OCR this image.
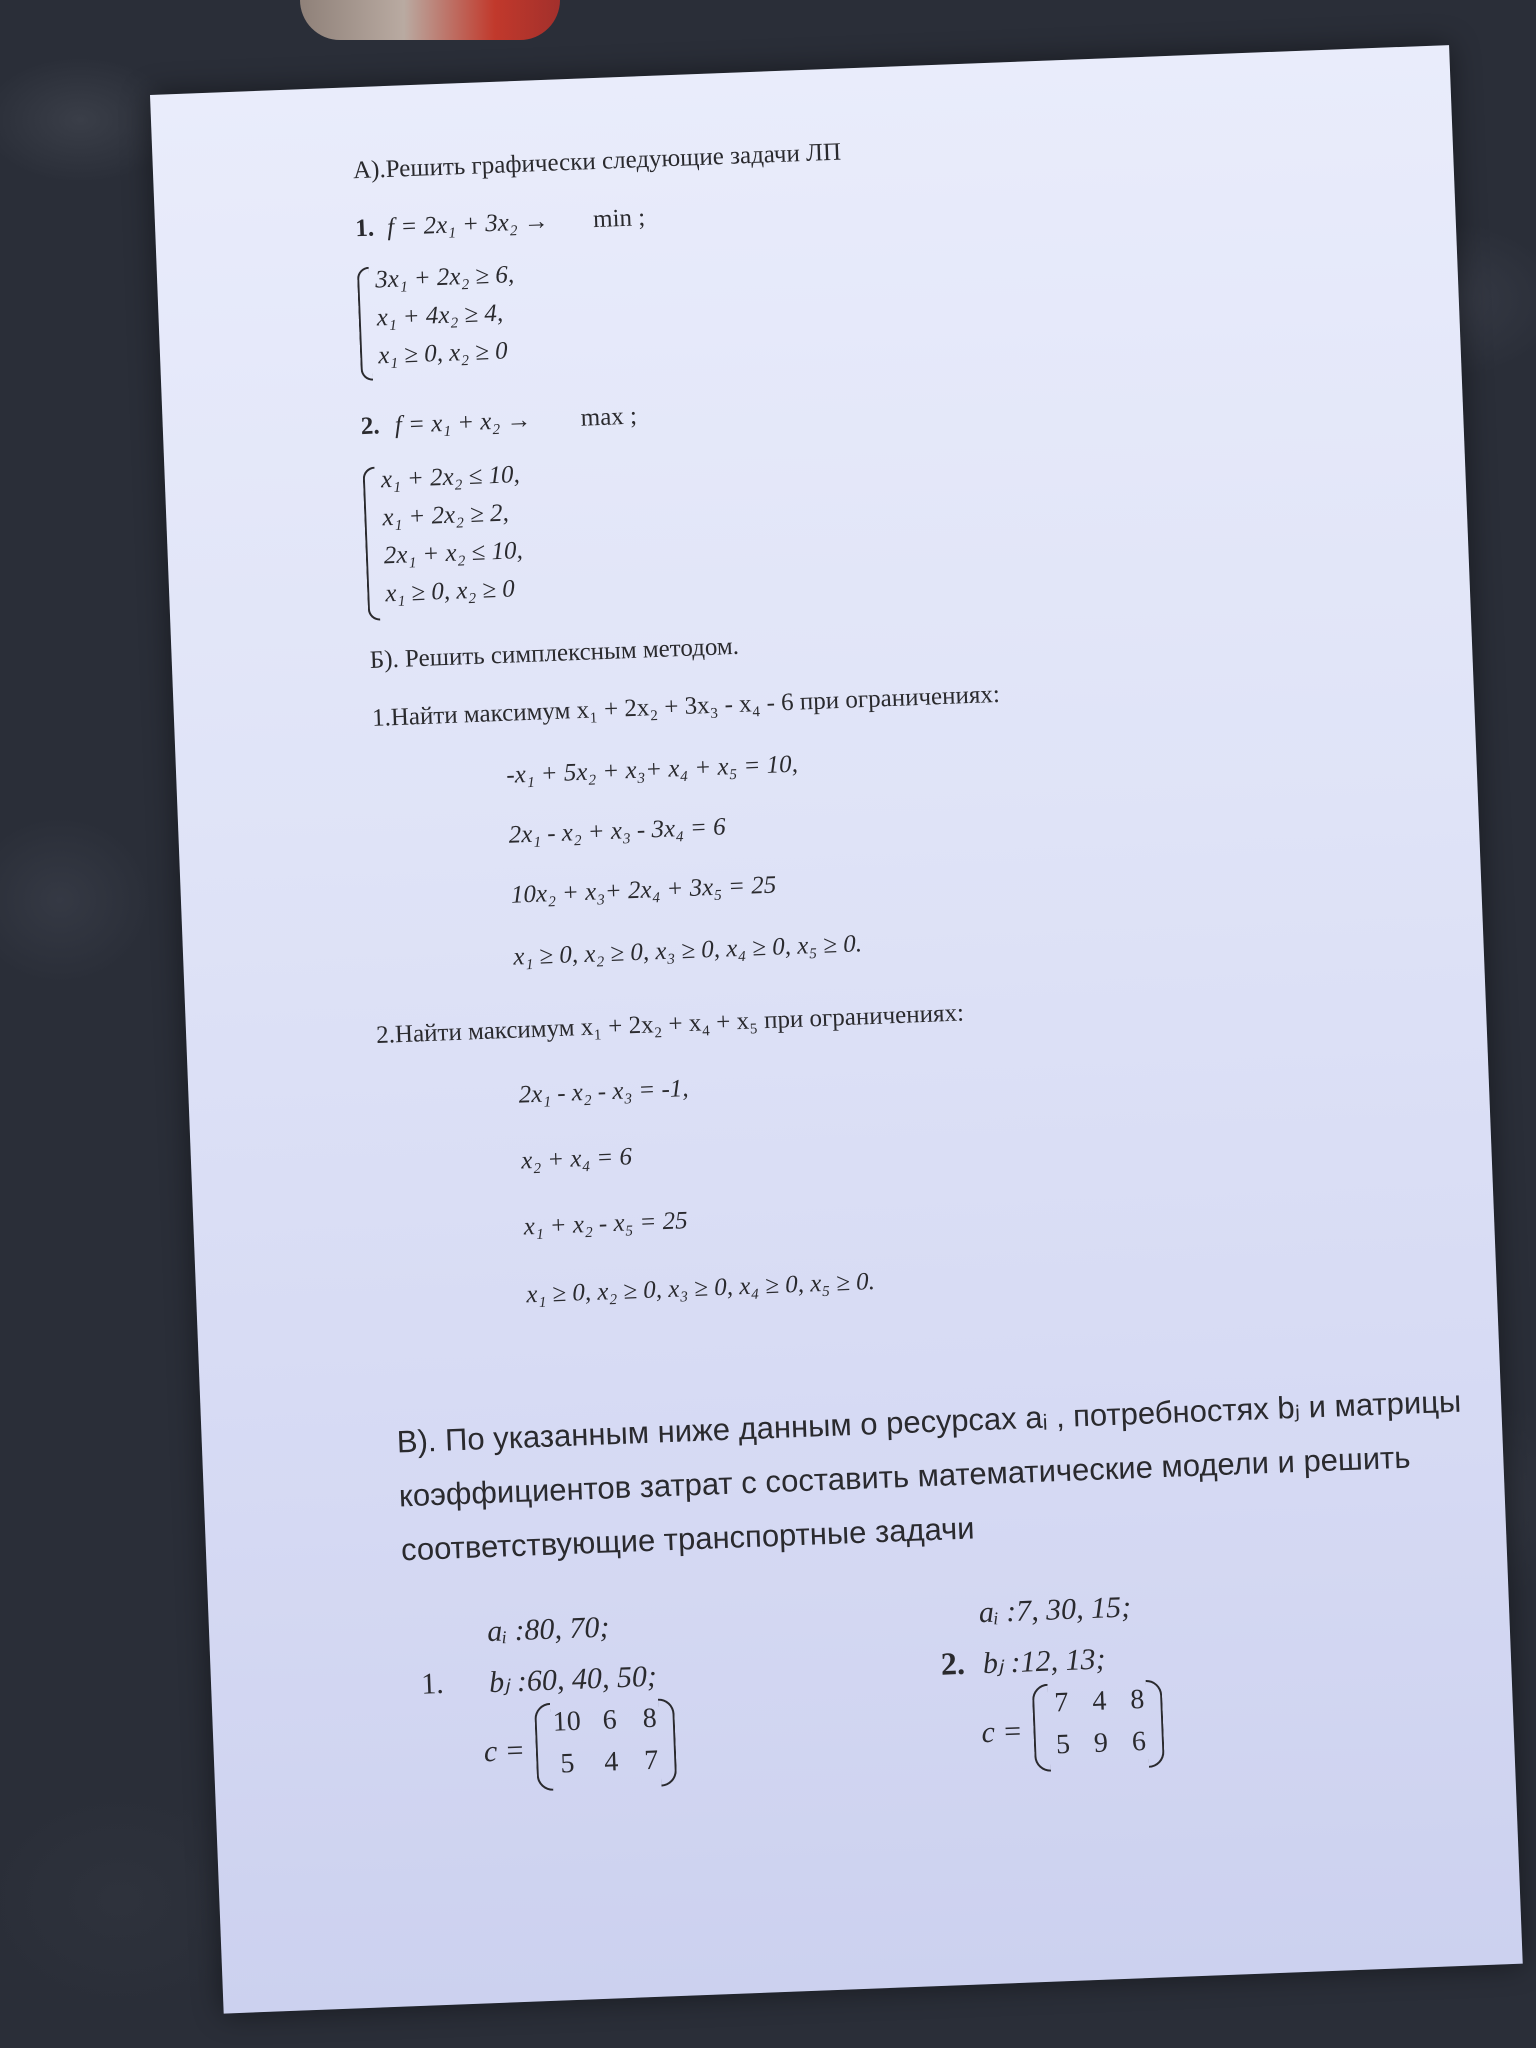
А).Решить графически следующие задачи ЛП
1. f = 2x₁ + 3x₂ → min ;
3x₁ + 2x₂ ≥ 6,
x₁ + 4x₂ ≥ 4,
x₁ ≥ 0, x₂ ≥ 0
2. f = x₁ + x₂ → max ;
x₁ + 2x₂ ≤ 10,
x₁ + 2x₂ ≥ 2,
2x₁ + x₂ ≤ 10,
x₁ ≥ 0, x₂ ≥ 0
Б). Решить симплексным методом.
1.Найти максимум x₁ + 2x₂ + 3x₃ - x₄ - 6 при ограничениях:
-x₁ + 5x₂ + x₃+ x₄ + x₅ = 10,
2x₁ - x₂ + x₃ - 3x₄ = 6
10x₂ + x₃+ 2x₄ + 3x₅ = 25
x₁ ≥ 0, x₂ ≥ 0, x₃ ≥ 0, x₄ ≥ 0, x₅ ≥ 0.
2.Найти максимум x₁ + 2x₂ + x₄ + x₅ при ограничениях:
2x₁ - x₂ - x₃ = -1,
x₂ + x₄ = 6
x₁ + x₂ - x₅ = 25
x₁ ≥ 0, x₂ ≥ 0, x₃ ≥ 0, x₄ ≥ 0, x₅ ≥ 0.
В). По указанным ниже данным о ресурсах aᵢ , потребностях bⱼ и матрицы
коэффициентов затрат c составить математические модели и решить
соответствующие транспортные задачи
aᵢ :80, 70;
1. bⱼ :60, 40, 50;
c =
10 6 8
5 4 7
aᵢ :7, 30, 15;
2. bⱼ :12, 13;
c =
7 4 8
5 9 6
